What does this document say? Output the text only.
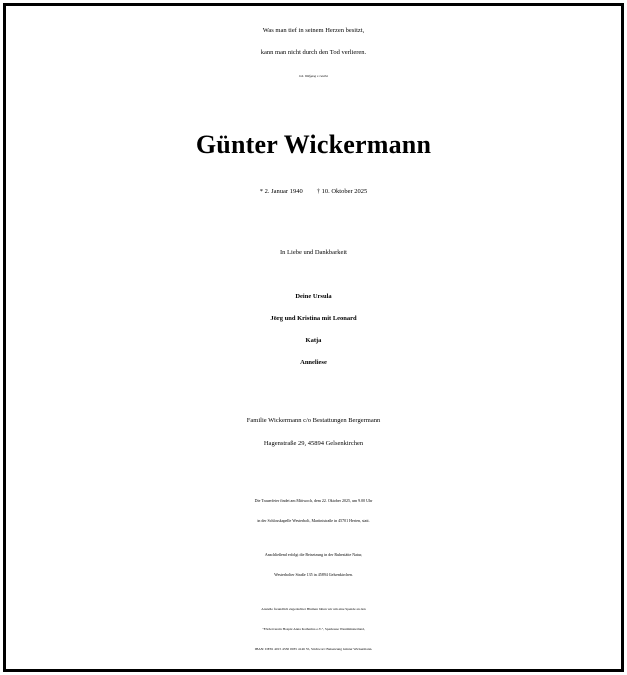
Was man tief in seinem Herzen besitzt,
kann man nicht durch den Tod verlieren.
Joh. Wolfgang v. Goethe
Günter Wickermann
* 2. Januar 1940 † 10. Oktober 2025
In Liebe und Dankbarkeit
Deine Ursula
Jörg und Kristina mit Leonard
Katja
Anneliese
Familie Wickermann c/o Bestattungen Bergermann
Hagenstraße 29, 45894 Gelsenkirchen
Die Trauerfeier findet am Mittwoch, dem 22. Oktober 2025, um 9.00 Uhr
in der Schlosskapelle Westerholt, Martinistraße in 45701 Herten, statt.
Anschließend erfolgt die Beisetzung in der Ruhestätte Natur,
Westerholter Straße 135 in 45894 Gelsenkirchen.
Anstelle freundlich zugedachter Blumen bitten wir um eine Spende an den
"Förderverein Hospiz Anna Katharina e.V.", Sparkasse Westmünsterland,
IBAN: DE81 4015 4530 0035 4146 55, Stichwort: Beisetzung Günter Wickermann.
